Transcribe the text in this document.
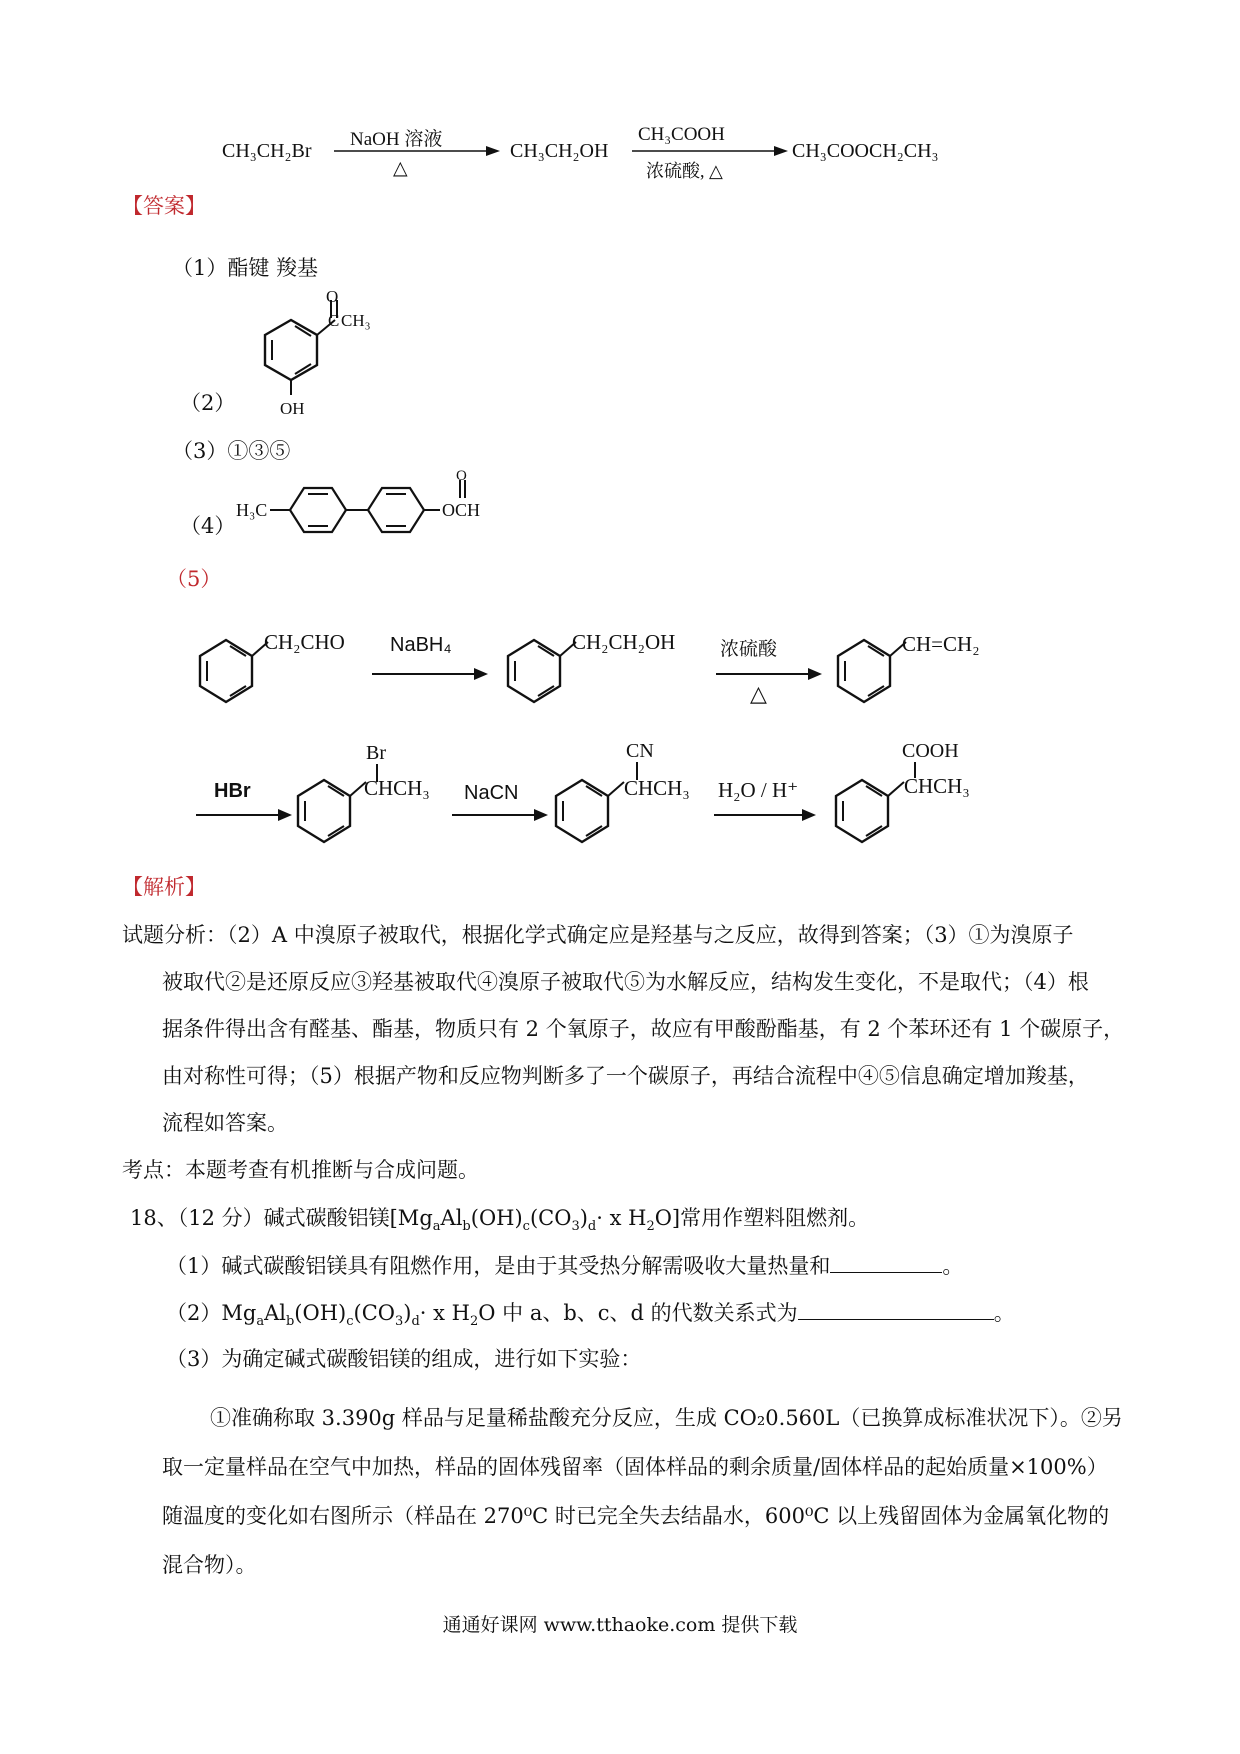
CH₃CH₂Br
NaOH 溶液
△
CH₃CH₂OH
CH₃COOH
浓硫酸, △
CH₃COOCH₂CH₃
【答案】
（1）酯键 羧基
（2）
O
C CH₃
OH
（3）①③⑤
（4）
H₃C
O
OCH
（5）
CH₂CHO NaBH₄	CH₂CH₂OH 浓硫酸
△
CH=CH₂
HBr
Br
CHCH₃ NaCN
CN
CHCH₃ H₂O / H⁺
COOH
CHCH₃
【解析】
试题分析：（2）A 中溴原子被取代，根据化学式确定应是羟基与之反应，故得到答案；（3）①为溴原子
被取代②是还原反应③羟基被取代④溴原子被取代⑤为水解反应，结构发生变化，不是取代；（4）根
据条件得出含有醛基、酯基，物质只有 2 个氧原子，故应有甲酸酚酯基，有 2 个苯环还有 1 个碳原子，
由对称性可得；（5）根据产物和反应物判断多了一个碳原子，再结合流程中④⑤信息确定增加羧基，
流程如答案。
考点：本题考查有机推断与合成问题。
18、（12 分）碱式碳酸铝镁[$Mg_aAl_b(OH)_c(CO_3)_d\cdot x$ $H_2O$]常用作塑料阻燃剂。
（1）碱式碳酸铝镁具有阻燃作用，是由于其受热分解需吸收大量热量和	。
$(2)Mg_aAl_b(OH)_c(CO_3)_d\cdot x$ $H_2O$ 中 a、b、c、d 的代数关系式为	。
（3）为确定碱式碳酸铝镁的组成，进行如下实验：
①准确称取 3.390g 样品与足量稀盐酸充分反应，生成 CO₂0.560L（已换算成标准状况下）。②另
取一定量样品在空气中加热，样品的固体残留率（固体样品的剩余质量/固体样品的起始质量×100%）
随温度的变化如右图所示（样品在 270⁰C 时已完全失去结晶水，600⁰C 以上残留固体为金属氧化物的
混合物）。
通通好课网 www.tthaoke.com 提供下载
